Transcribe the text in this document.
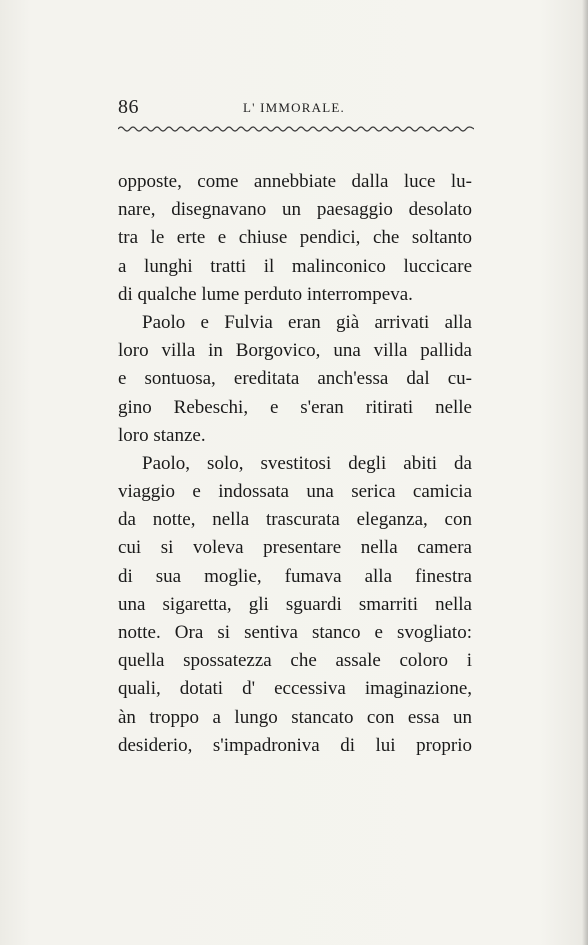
86	L' IMMORALE.
opposte, come annebbiate dalla luce lu-
nare, disegnavano un paesaggio desolato
tra le erte e chiuse pendici, che soltanto
a lunghi tratti il malinconico luccicare
di qualche lume perduto interrompeva.
Paolo e Fulvia eran già arrivati alla
loro villa in Borgovico, una villa pallida
e sontuosa, ereditata anch'essa dal cu-
gino Rebeschi, e s'eran ritirati nelle
loro stanze.
Paolo, solo, svestitosi degli abiti da
viaggio e indossata una serica camicia
da notte, nella trascurata eleganza, con
cui si voleva presentare nella camera
di sua moglie, fumava alla finestra
una sigaretta, gli sguardi smarriti nella
notte. Ora si sentiva stanco e svogliato:
quella spossatezza che assale coloro i
quali, dotati d' eccessiva imaginazione,
àn troppo a lungo stancato con essa un
desiderio, s'impadroniva di lui proprio
